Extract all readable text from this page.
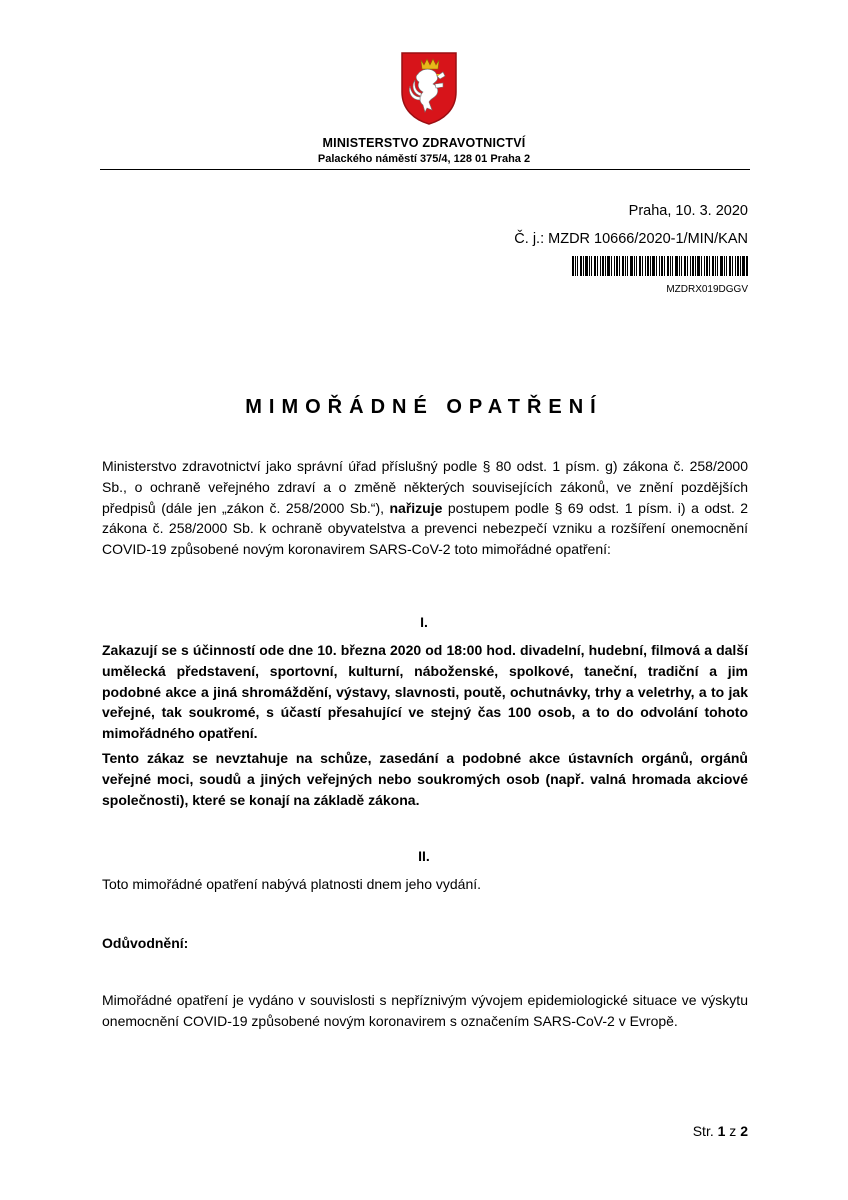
MINISTERSTVO ZDRAVOTNICTVÍ
Palackého náměstí 375/4, 128 01 Praha 2
Praha, 10. 3. 2020
Č. j.: MZDR 10666/2020-1/MIN/KAN
MZDRX019DGGV
MIMOŘÁDNÉ OPATŘENÍ
Ministerstvo zdravotnictví jako správní úřad příslušný podle § 80 odst. 1 písm. g) zákona č. 258/2000 Sb., o ochraně veřejného zdraví a o změně některých souvisejících zákonů, ve znění pozdějších předpisů (dále jen „zákon č. 258/2000 Sb.“), nařizuje postupem podle § 69 odst. 1 písm. i) a odst. 2 zákona č. 258/2000 Sb. k ochraně obyvatelstva a prevenci nebezpečí vzniku a rozšíření onemocnění COVID-19 způsobené novým koronavirem SARS-CoV-2 toto mimořádné opatření:
I.
Zakazují se s účinností ode dne 10. března 2020 od 18:00 hod. divadelní, hudební, filmová a další umělecká představení, sportovní, kulturní, náboženské, spolkové, taneční, tradiční a jim podobné akce a jiná shromáždění, výstavy, slavnosti, poutě, ochutnávky, trhy a veletrhy, a to jak veřejné, tak soukromé, s účastí přesahující ve stejný čas 100 osob, a to do odvolání tohoto mimořádného opatření.
Tento zákaz se nevztahuje na schůze, zasedání a podobné akce ústavních orgánů, orgánů veřejné moci, soudů a jiných veřejných nebo soukromých osob (např. valná hromada akciové společnosti), které se konají na základě zákona.
II.
Toto mimořádné opatření nabývá platnosti dnem jeho vydání.
Odůvodnění:
Mimořádné opatření je vydáno v souvislosti s nepříznivým vývojem epidemiologické situace ve výskytu onemocnění COVID-19 způsobené novým koronavirem s označením SARS-CoV-2 v Evropě.
Str. 1 z 2
